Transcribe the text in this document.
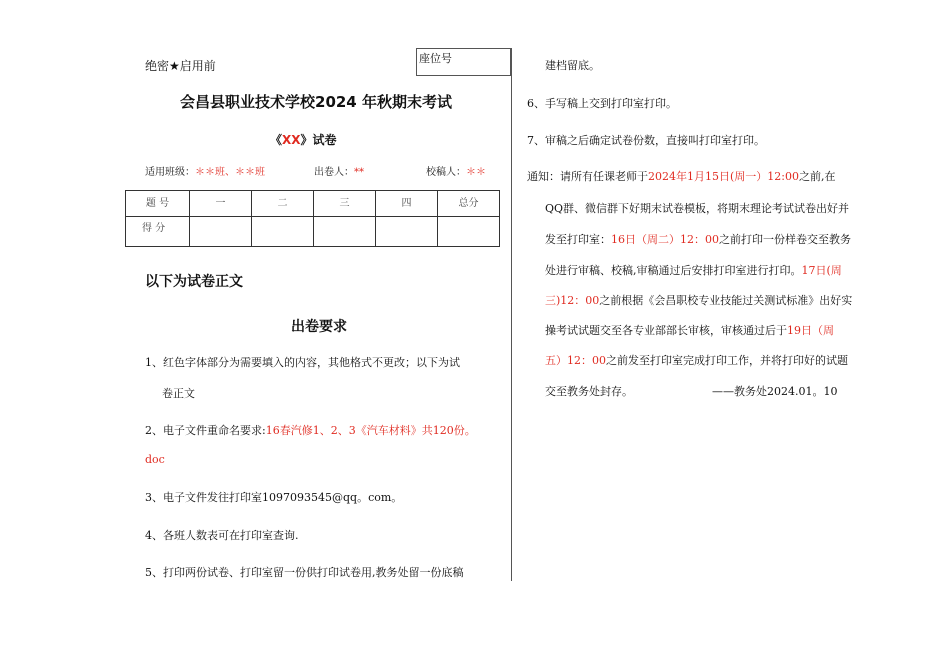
绝密★启用前
座位号
会昌县职业技术学校2024 年秋期末考试
《XX》试卷
适用班级：＊＊班、＊＊班	出卷人：**	校稿人：＊＊
题 号	一	二	三	四	总分
得 分					
以下为试卷正文
出卷要求
1、红色字体部分为需要填入的内容，其他格式不更改；以下为试
卷正文
2、电子文件重命名要求:16春汽修1、2、3《汽车材料》共120份。
doc
3、电子文件发往打印室1097093545@qq。com。
4、各班人数表可在打印室查询.
5、打印两份试卷、打印室留一份供打印试卷用,教务处留一份底稿
建档留底。
6、手写稿上交到打印室打印。
7、审稿之后确定试卷份数，直接叫打印室打印。
通知：请所有任课老师于2024年1月15日(周一）12:00之前,在
QQ群、微信群下好期末试卷模板，将期末理论考试试卷出好并
发至打印室：16日（周二）12：00之前打印一份样卷交至教务
处进行审稿、校稿,审稿通过后安排打印室进行打印。17日(周
三)12：00之前根据《会昌职校专业技能过关测试标准》出好实
操考试试题交至各专业部部长审核，审核通过后于19日（周
五）12：00之前发至打印室完成打印工作，并将打印好的试题
交至教务处封存。	——教务处2024.01。10
